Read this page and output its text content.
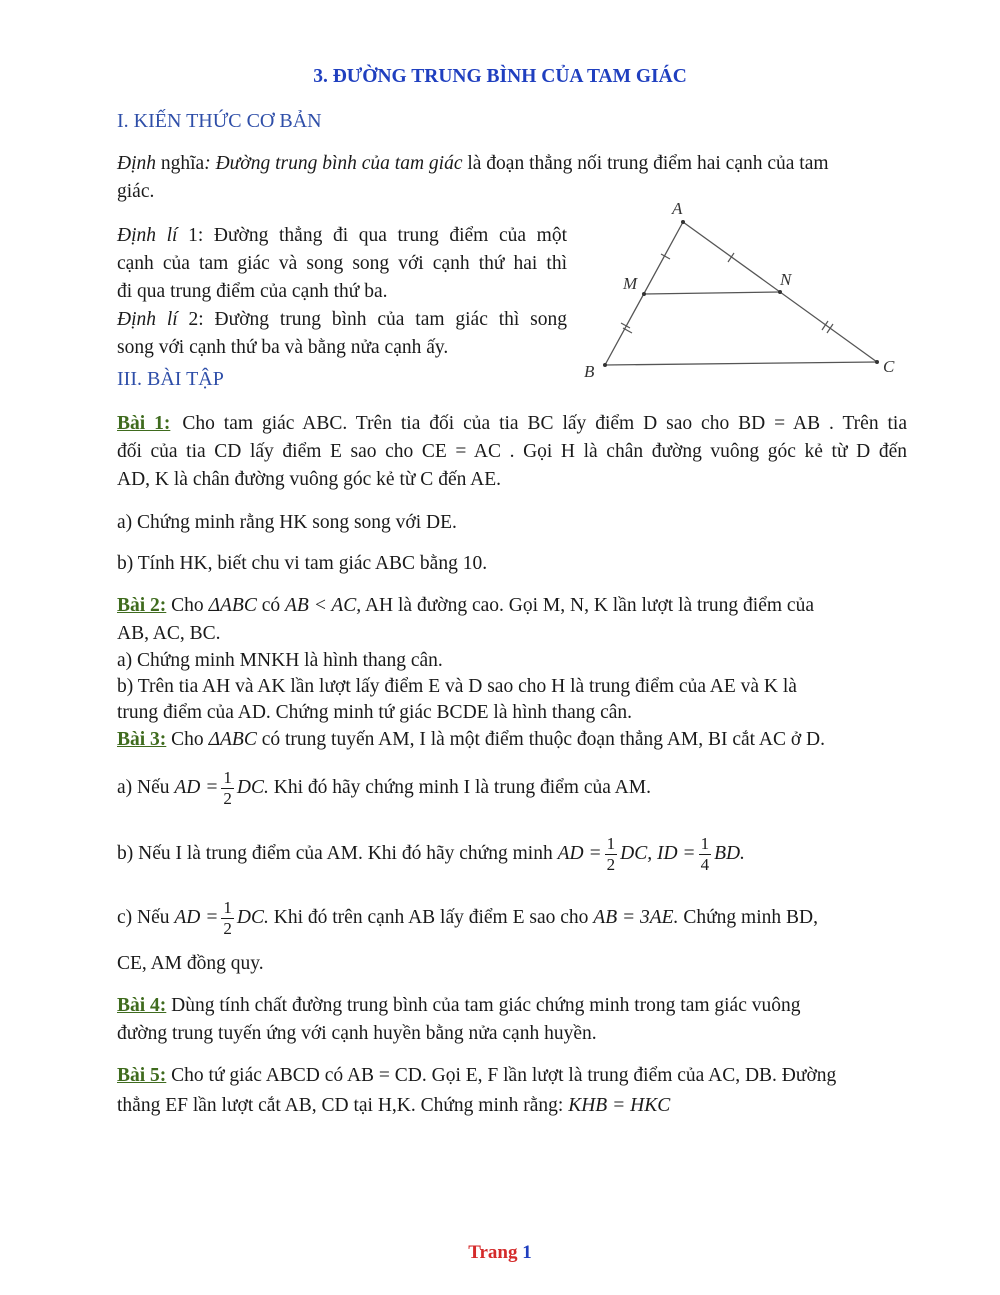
3. ĐƯỜNG TRUNG BÌNH CỦA TAM GIÁC
I. KIẾN THỨC CƠ BẢN
Định nghĩa: Đường trung bình của tam giác là đoạn thẳng nối trung điểm hai cạnh của tam
giác.
Định lí 1: Đường thẳng đi qua trung điểm của một
cạnh của tam giác và song song với cạnh thứ hai thì
đi qua trung điểm của cạnh thứ ba.
Định lí 2: Đường trung bình của tam giác thì song
song với cạnh thứ ba và bằng nửa cạnh ấy.
III. BÀI TẬP
A
B	C
M	N
Bài 1: Cho tam giác ABC. Trên tia đối của tia BC lấy điểm D sao cho BD = AB . Trên tia
đối của tia CD lấy điểm E sao cho CE = AC . Gọi H là chân đường vuông góc kẻ từ D đến
AD, K là chân đường vuông góc kẻ từ C đến AE.
a) Chứng minh rằng HK song song với DE.
b) Tính HK, biết chu vi tam giác ABC bằng 10.
Bài 2: Cho ΔABC có AB < AC, AH là đường cao. Gọi M, N, K lần lượt là trung điểm của
AB, AC, BC.
a) Chứng minh MNKH là hình thang cân.
b) Trên tia AH và AK lần lượt lấy điểm E và D sao cho H là trung điểm của AE và K là
trung điểm của AD. Chứng minh tứ giác BCDE là hình thang cân.
Bài 3: Cho ΔABC có trung tuyến AM, I là một điểm thuộc đoạn thẳng AM, BI cắt AC ở D.
a) Nếu AD = $\frac{1}{2}$ DC. Khi đó hãy chứng minh I là trung điểm của AM.
b) Nếu I là trung điểm của AM. Khi đó hãy chứng minh AD = $\frac{1}{2}$ DC, ID = $\frac{1}{4}$ BD.
c) Nếu AD = $\frac{1}{2}$ DC. Khi đó trên cạnh AB lấy điểm E sao cho AB = 3AE. Chứng minh BD,
CE, AM đồng quy.
Bài 4: Dùng tính chất đường trung bình của tam giác chứng minh trong tam giác vuông
đường trung tuyến ứng với cạnh huyền bằng nửa cạnh huyền.
Bài 5: Cho tứ giác ABCD có AB = CD. Gọi E, F lần lượt là trung điểm của AC, DB. Đường
thẳng EF lần lượt cắt AB, CD tại H,K. Chứng minh rằng: KHB = HKC
Trang 1
